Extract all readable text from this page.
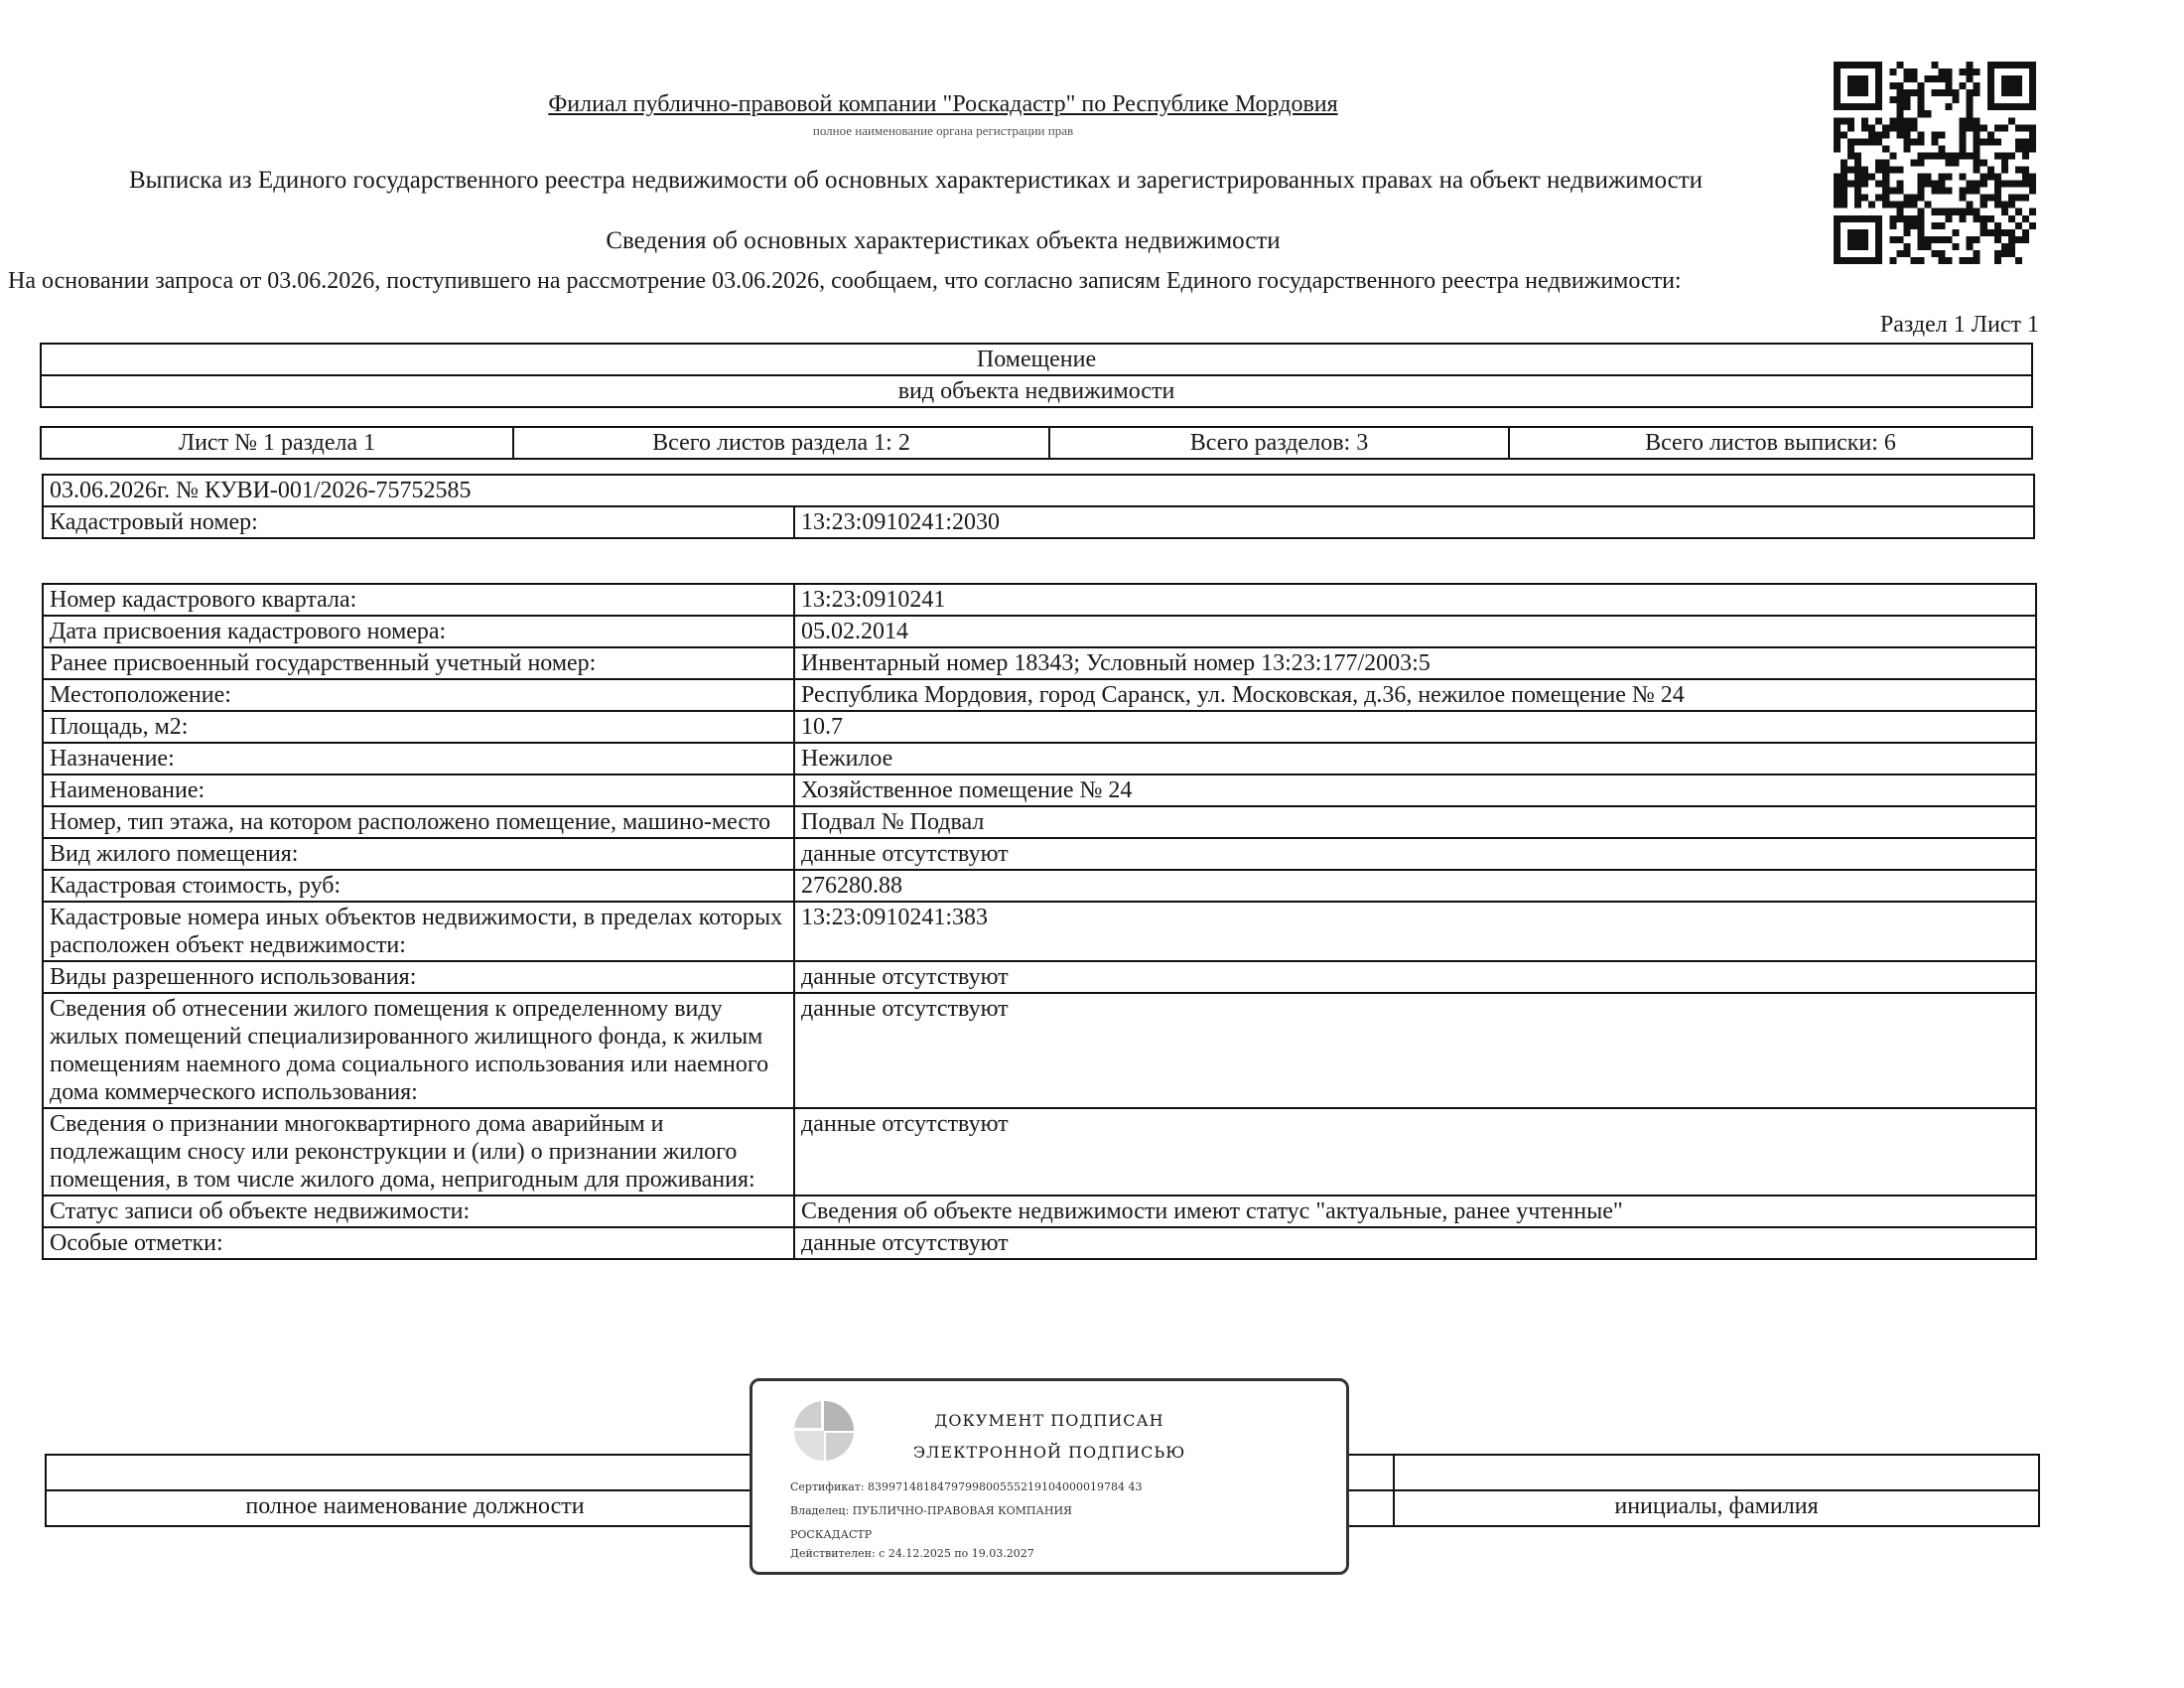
Филиал публично-правовой компании "Роскадастр" по Республике Мордовия
полное наименование органа регистрации прав
Выписка из Единого государственного реестра недвижимости об основных характеристиках и зарегистрированных правах на объект недвижимости
Сведения об основных характеристиках объекта недвижимости
На основании запроса от 03.06.2026, поступившего на рассмотрение 03.06.2026, сообщаем, что согласно записям Единого государственного реестра недвижимости:
Раздел 1 Лист 1
Помещение
вид объекта недвижимости
Лист № 1 раздела 1	Всего листов раздела 1: 2	Всего разделов: 3	Всего листов выписки: 6
03.06.2026г. № КУВИ-001/2026-75752585
Кадастровый номер:	13:23:0910241:2030
Номер кадастрового квартала:	13:23:0910241
Дата присвоения кадастрового номера:	05.02.2014
Ранее присвоенный государственный учетный номер:	Инвентарный номер 18343; Условный номер 13:23:177/2003:5
Местоположение:	Республика Мордовия, город Саранск, ул. Московская, д.36, нежилое помещение № 24
Площадь, м2:	10.7
Назначение:	Нежилое
Наименование:	Хозяйственное помещение № 24
Номер, тип этажа, на котором расположено помещение, машино-место	Подвал № Подвал
Вид жилого помещения:	данные отсутствуют
Кадастровая стоимость, руб:	276280.88
Кадастровые номера иных объектов недвижимости, в пределах которых расположен объект недвижимости:	13:23:0910241:383
Виды разрешенного использования:	данные отсутствуют
Сведения об отнесении жилого помещения к определенному виду жилых помещений специализированного жилищного фонда, к жилым помещениям наемного дома социального использования или наемного дома коммерческого использования:	данные отсутствуют
Сведения о признании многоквартирного дома аварийным и подлежащим сносу или реконструкции и (или) о признании жилого помещения, в том числе жилого дома, непригодным для проживания:	данные отсутствуют
Статус записи об объекте недвижимости:	Сведения об объекте недвижимости имеют статус "актуальные, ранее учтенные"
Особые отметки:	данные отсутствуют

полное наименование должности		инициалы, фамилия
ДОКУМЕНТ ПОДПИСАН
ЭЛЕКТРОННОЙ ПОДПИСЬЮ
Сертификат: 8399714818479799800555219104000019784 43
Владелец: ПУБЛИЧНО-ПРАВОВАЯ КОМПАНИЯ
РОСКАДАСТР
Действителен: с 24.12.2025 по 19.03.2027
